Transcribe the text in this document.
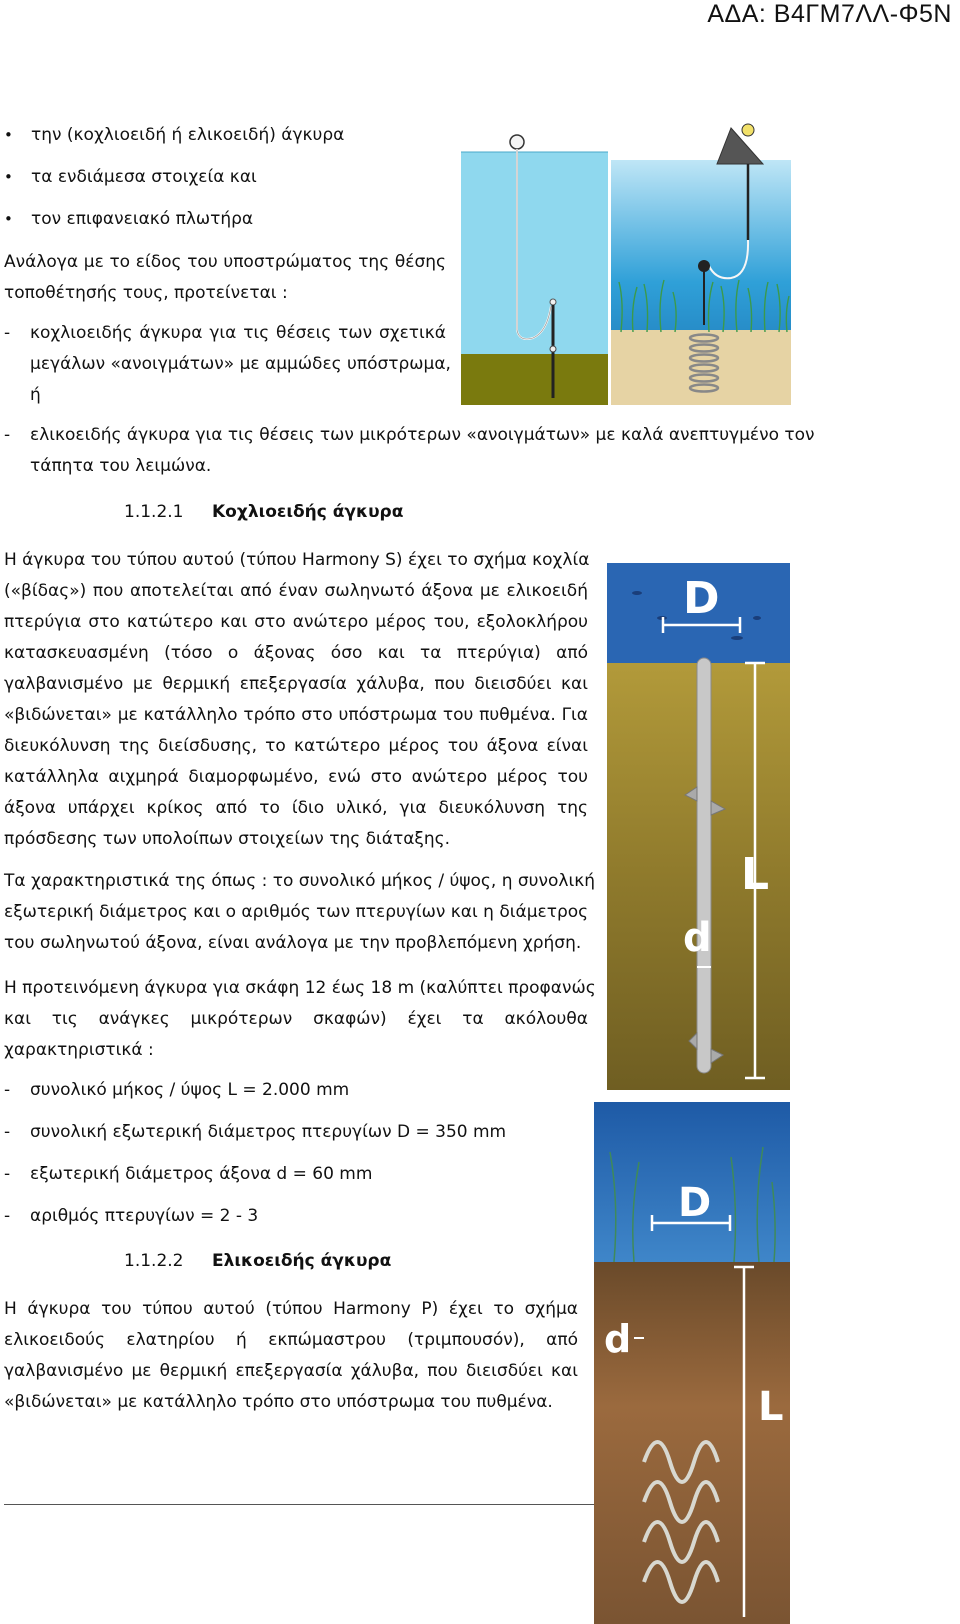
ΑΔΑ: Β4ΓΜ7ΛΛ-Φ5Ν
• την (κοχλιοειδή ή ελικοειδή) άγκυρα
• τα ενδιάμεσα στοιχεία και
• τον επιφανειακό πλωτήρα
Ανάλογα με το είδος του υποστρώματος της θέσης
τοποθέτησής τους, προτείνεται :
- κοχλιοειδής άγκυρα για τις θέσεις των σχετικά
μεγάλων «ανοιγμάτων» με αμμώδες υπόστρωμα,
ή
- ελικοειδής άγκυρα για τις θέσεις των μικρότερων «ανοιγμάτων» με καλά ανεπτυγμένο τον
τάπητα του λειμώνα.
1.1.2.1 Κοχλιοειδής άγκυρα
Η άγκυρα του τύπου αυτού (τύπου Harmony S) έχει το σχήμα κοχλία
(«βίδας») που αποτελείται από έναν σωληνωτό άξονα με ελικοειδή
πτερύγια στο κατώτερο και στο ανώτερο μέρος του, εξολοκλήρου
κατασκευασμένη (τόσο ο άξονας όσο και τα πτερύγια) από
γαλβανισμένο με θερμική επεξεργασία χάλυβα, που διεισδύει και
«βιδώνεται» με κατάλληλο τρόπο στο υπόστρωμα του πυθμένα. Για
διευκόλυνση της διείσδυσης, το κατώτερο μέρος του άξονα είναι
κατάλληλα αιχμηρά διαμορφωμένο, ενώ στο ανώτερο μέρος του
άξονα υπάρχει κρίκος από το ίδιο υλικό, για διευκόλυνση της
πρόσδεσης των υπολοίπων στοιχείων της διάταξης.
Τα χαρακτηριστικά της όπως : το συνολικό μήκος / ύψος, η συνολική
εξωτερική διάμετρος και ο αριθμός των πτερυγίων και η διάμετρος
του σωληνωτού άξονα, είναι ανάλογα με την προβλεπόμενη χρήση.
Η προτεινόμενη άγκυρα για σκάφη 12 έως 18 m (καλύπτει προφανώς
και τις ανάγκες μικρότερων σκαφών) έχει τα ακόλουθα
χαρακτηριστικά :
- συνολικό μήκος / ύψος L = 2.000 mm
- συνολική εξωτερική διάμετρος πτερυγίων D = 350 mm
- εξωτερική διάμετρος άξονα d = 60 mm
- αριθμός πτερυγίων = 2 - 3
1.1.2.2 Ελικοειδής άγκυρα
Η άγκυρα του τύπου αυτού (τύπου Harmony P) έχει το σχήμα
ελικοειδούς ελατηρίου ή εκπώμαστρου (τριμπουσόν), από
γαλβανισμένο με θερμική επεξεργασία χάλυβα, που διεισδύει και
«βιδώνεται» με κατάλληλο τρόπο στο υπόστρωμα του πυθμένα.
D
L
d
D
L
d
